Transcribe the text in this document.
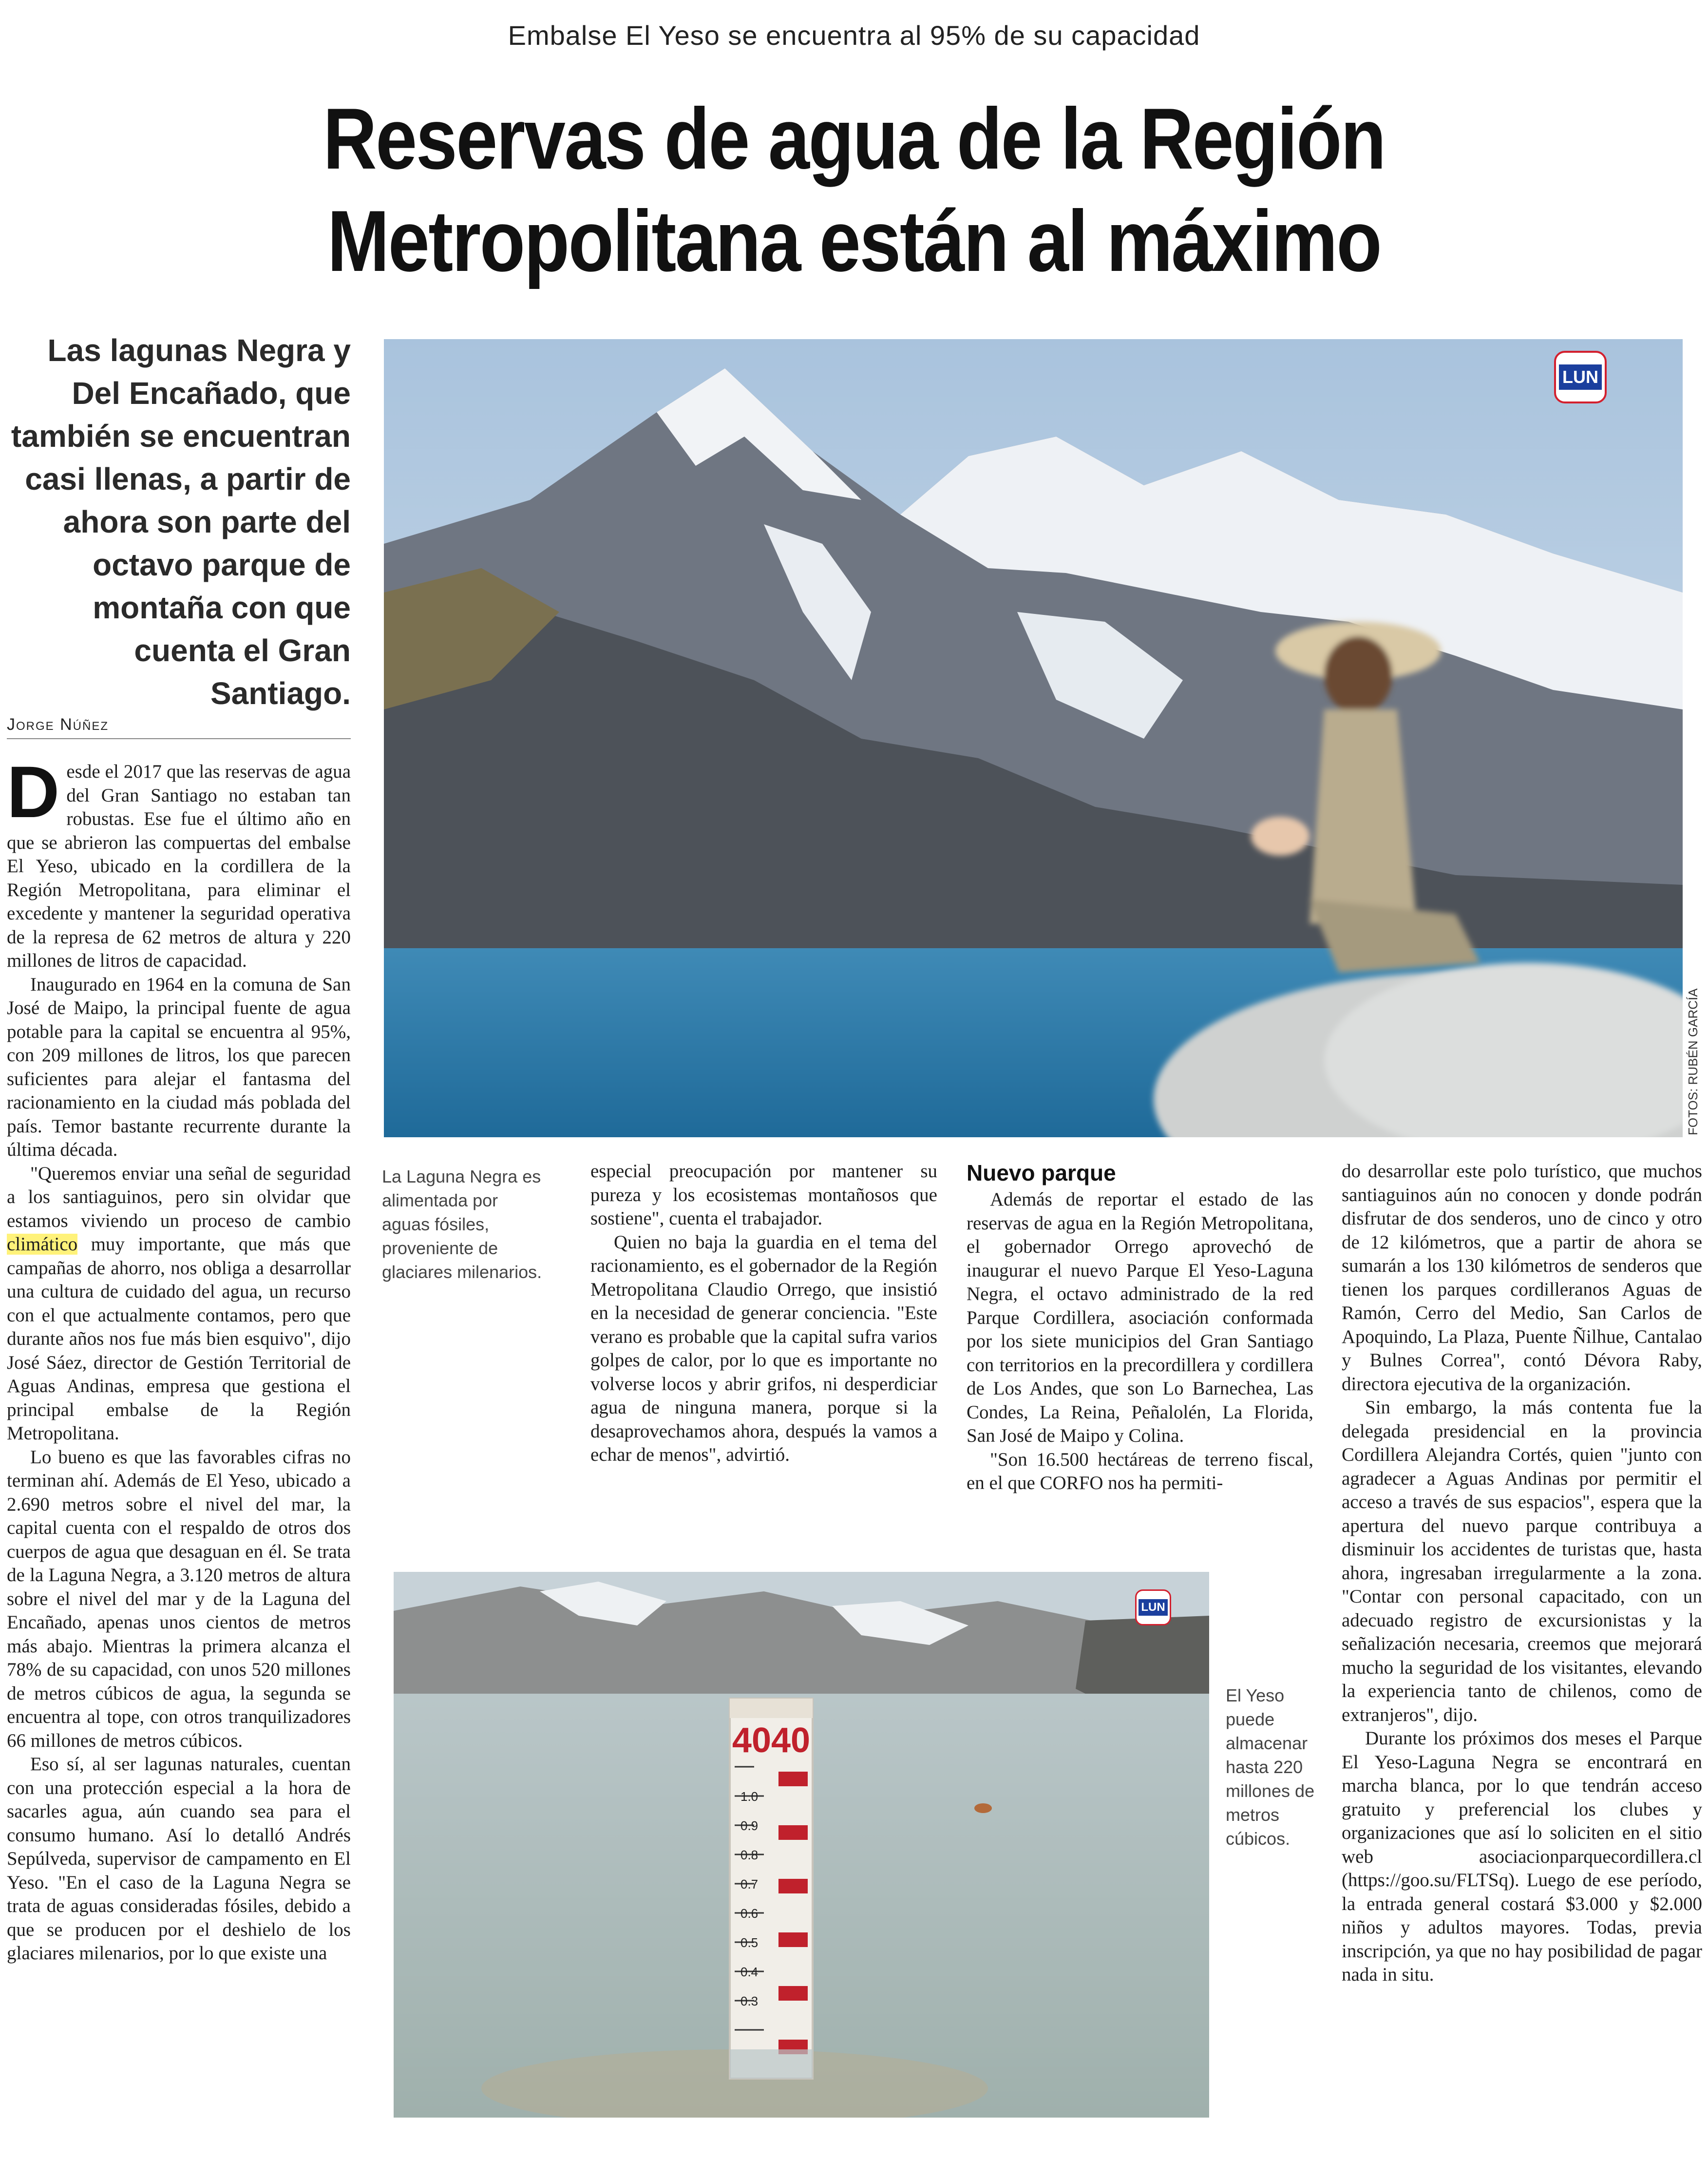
Embalse El Yeso se encuentra al 95% de su capacidad
Reservas de agua de la Región
Metropolitana están al máximo
Las lagunas Negra y Del Encañado, que también se encuentran casi llenas, a partir de ahora son parte del octavo parque de montaña con que cuenta el Gran Santiago.
Jorge Núñez
LUN
FOTOS: RUBÉN GARCÍA
La Laguna Negra es alimentada por aguas fósiles, proveniente de glaciares milenarios.

Desde el 2017 que las reservas de agua del Gran Santiago no estaban tan robustas. Ese fue el último año en que se abrieron las compuertas del embalse El Yeso, ubicado en la cordillera de la Región Metropolitana, para eliminar el excedente y mantener la seguridad operativa de la represa de 62 metros de altura y 220 millones de litros de capacidad.

Inaugurado en 1964 en la comuna de San José de Maipo, la principal fuente de agua potable para la capital se encuentra al 95%, con 209 millones de litros, los que parecen suficientes para alejar el fantasma del racionamiento en la ciudad más poblada del país. Temor bastante recurrente durante la última década.

"Queremos enviar una señal de seguridad a los santiaguinos, pero sin olvidar que estamos viviendo un proceso de cambio climático muy importante, que más que campañas de ahorro, nos obliga a desarrollar una cultura de cuidado del agua, un recurso con el que actualmente contamos, pero que durante años nos fue más bien esquivo", dijo José Sáez, director de Gestión Territorial de Aguas Andinas, empresa que gestiona el principal embalse de la Región Metropolitana.

Lo bueno es que las favorables cifras no terminan ahí. Además de El Yeso, ubicado a 2.690 metros sobre el nivel del mar, la capital cuenta con el respaldo de otros dos cuerpos de agua que desaguan en él. Se trata de la Laguna Negra, a 3.120 metros de altura sobre el nivel del mar y de la Laguna del Encañado, apenas unos cientos de metros más abajo. Mientras la primera alcanza el 78% de su capacidad, con unos 520 millones de metros cúbicos de agua, la segunda se encuentra al tope, con otros tranquilizadores 66 millones de metros cúbicos.

Eso sí, al ser lagunas naturales, cuentan con una protección especial a la hora de sacarles agua, aún cuando sea para el consumo humano. Así lo detalló Andrés Sepúlveda, supervisor de campamento en El Yeso. "En el caso de la Laguna Negra se trata de aguas consideradas fósiles, debido a que se producen por el deshielo de los glaciares milenarios, por lo que existe una

especial preocupación por mantener su pureza y los ecosistemas montañosos que sostiene", cuenta el trabajador.

Quien no baja la guardia en el tema del racionamiento, es el gobernador de la Región Metropolitana Claudio Orrego, que insistió en la necesidad de generar conciencia. "Este verano es probable que la capital sufra varios golpes de calor, por lo que es importante no volverse locos y abrir grifos, ni desperdiciar agua de ninguna manera, porque si la desaprovechamos ahora, después la vamos a echar de menos", advirtió.

Nuevo parque

Además de reportar el estado de las reservas de agua en la Región Metropolitana, el gobernador Orrego aprovechó de inaugurar el nuevo Parque El Yeso-Laguna Negra, el octavo administrado de la red Parque Cordillera, asociación conformada por los siete municipios del Gran Santiago con territorios en la precordillera y cordillera de Los Andes, que son Lo Barnechea, Las Condes, La Reina, Peñalolén, La Florida, San José de Maipo y Colina.

"Son 16.500 hectáreas de terreno fiscal, en el que CORFO nos ha permiti-

do desarrollar este polo turístico, que muchos santiaguinos aún no conocen y donde podrán disfrutar de dos senderos, uno de cinco y otro de 12 kilómetros, que a partir de ahora se sumarán a los 130 kilómetros de senderos que tienen los parques cordilleranos Aguas de Ramón, Cerro del Medio, San Carlos de Apoquindo, La Plaza, Puente Ñilhue, Cantalao y Bulnes Correa", contó Dévora Raby, directora ejecutiva de la organización.

Sin embargo, la más contenta fue la delegada presidencial en la provincia Cordillera Alejandra Cortés, quien "junto con agradecer a Aguas Andinas por permitir el acceso a través de sus espacios", espera que la apertura del nuevo parque contribuya a disminuir los accidentes de turistas que, hasta ahora, ingresaban irregularmente a la zona. "Contar con personal capacitado, con un adecuado registro de excursionistas y la señalización necesaria, creemos que mejorará mucho la seguridad de los visitantes, elevando la experiencia tanto de chilenos, como de extranjeros", dijo.

Durante los próximos dos meses el Parque El Yeso-Laguna Negra se encontrará en marcha blanca, por lo que tendrán acceso gratuito y preferencial los clubes y organizaciones que así lo soliciten en el sitio web asociacionparquecordillera.cl (https://goo.su/FLTSq). Luego de ese período, la entrada general costará $3.000 y $2.000 niños y adultos mayores. Todas, previa inscripción, ya que no hay posibilidad de pagar nada in situ.

4040
1.0
0.9
0.8
0.7
0.6
0.5
0.4
0.3
LUN
El Yeso puede almacenar hasta 220 millones de metros cúbicos.
